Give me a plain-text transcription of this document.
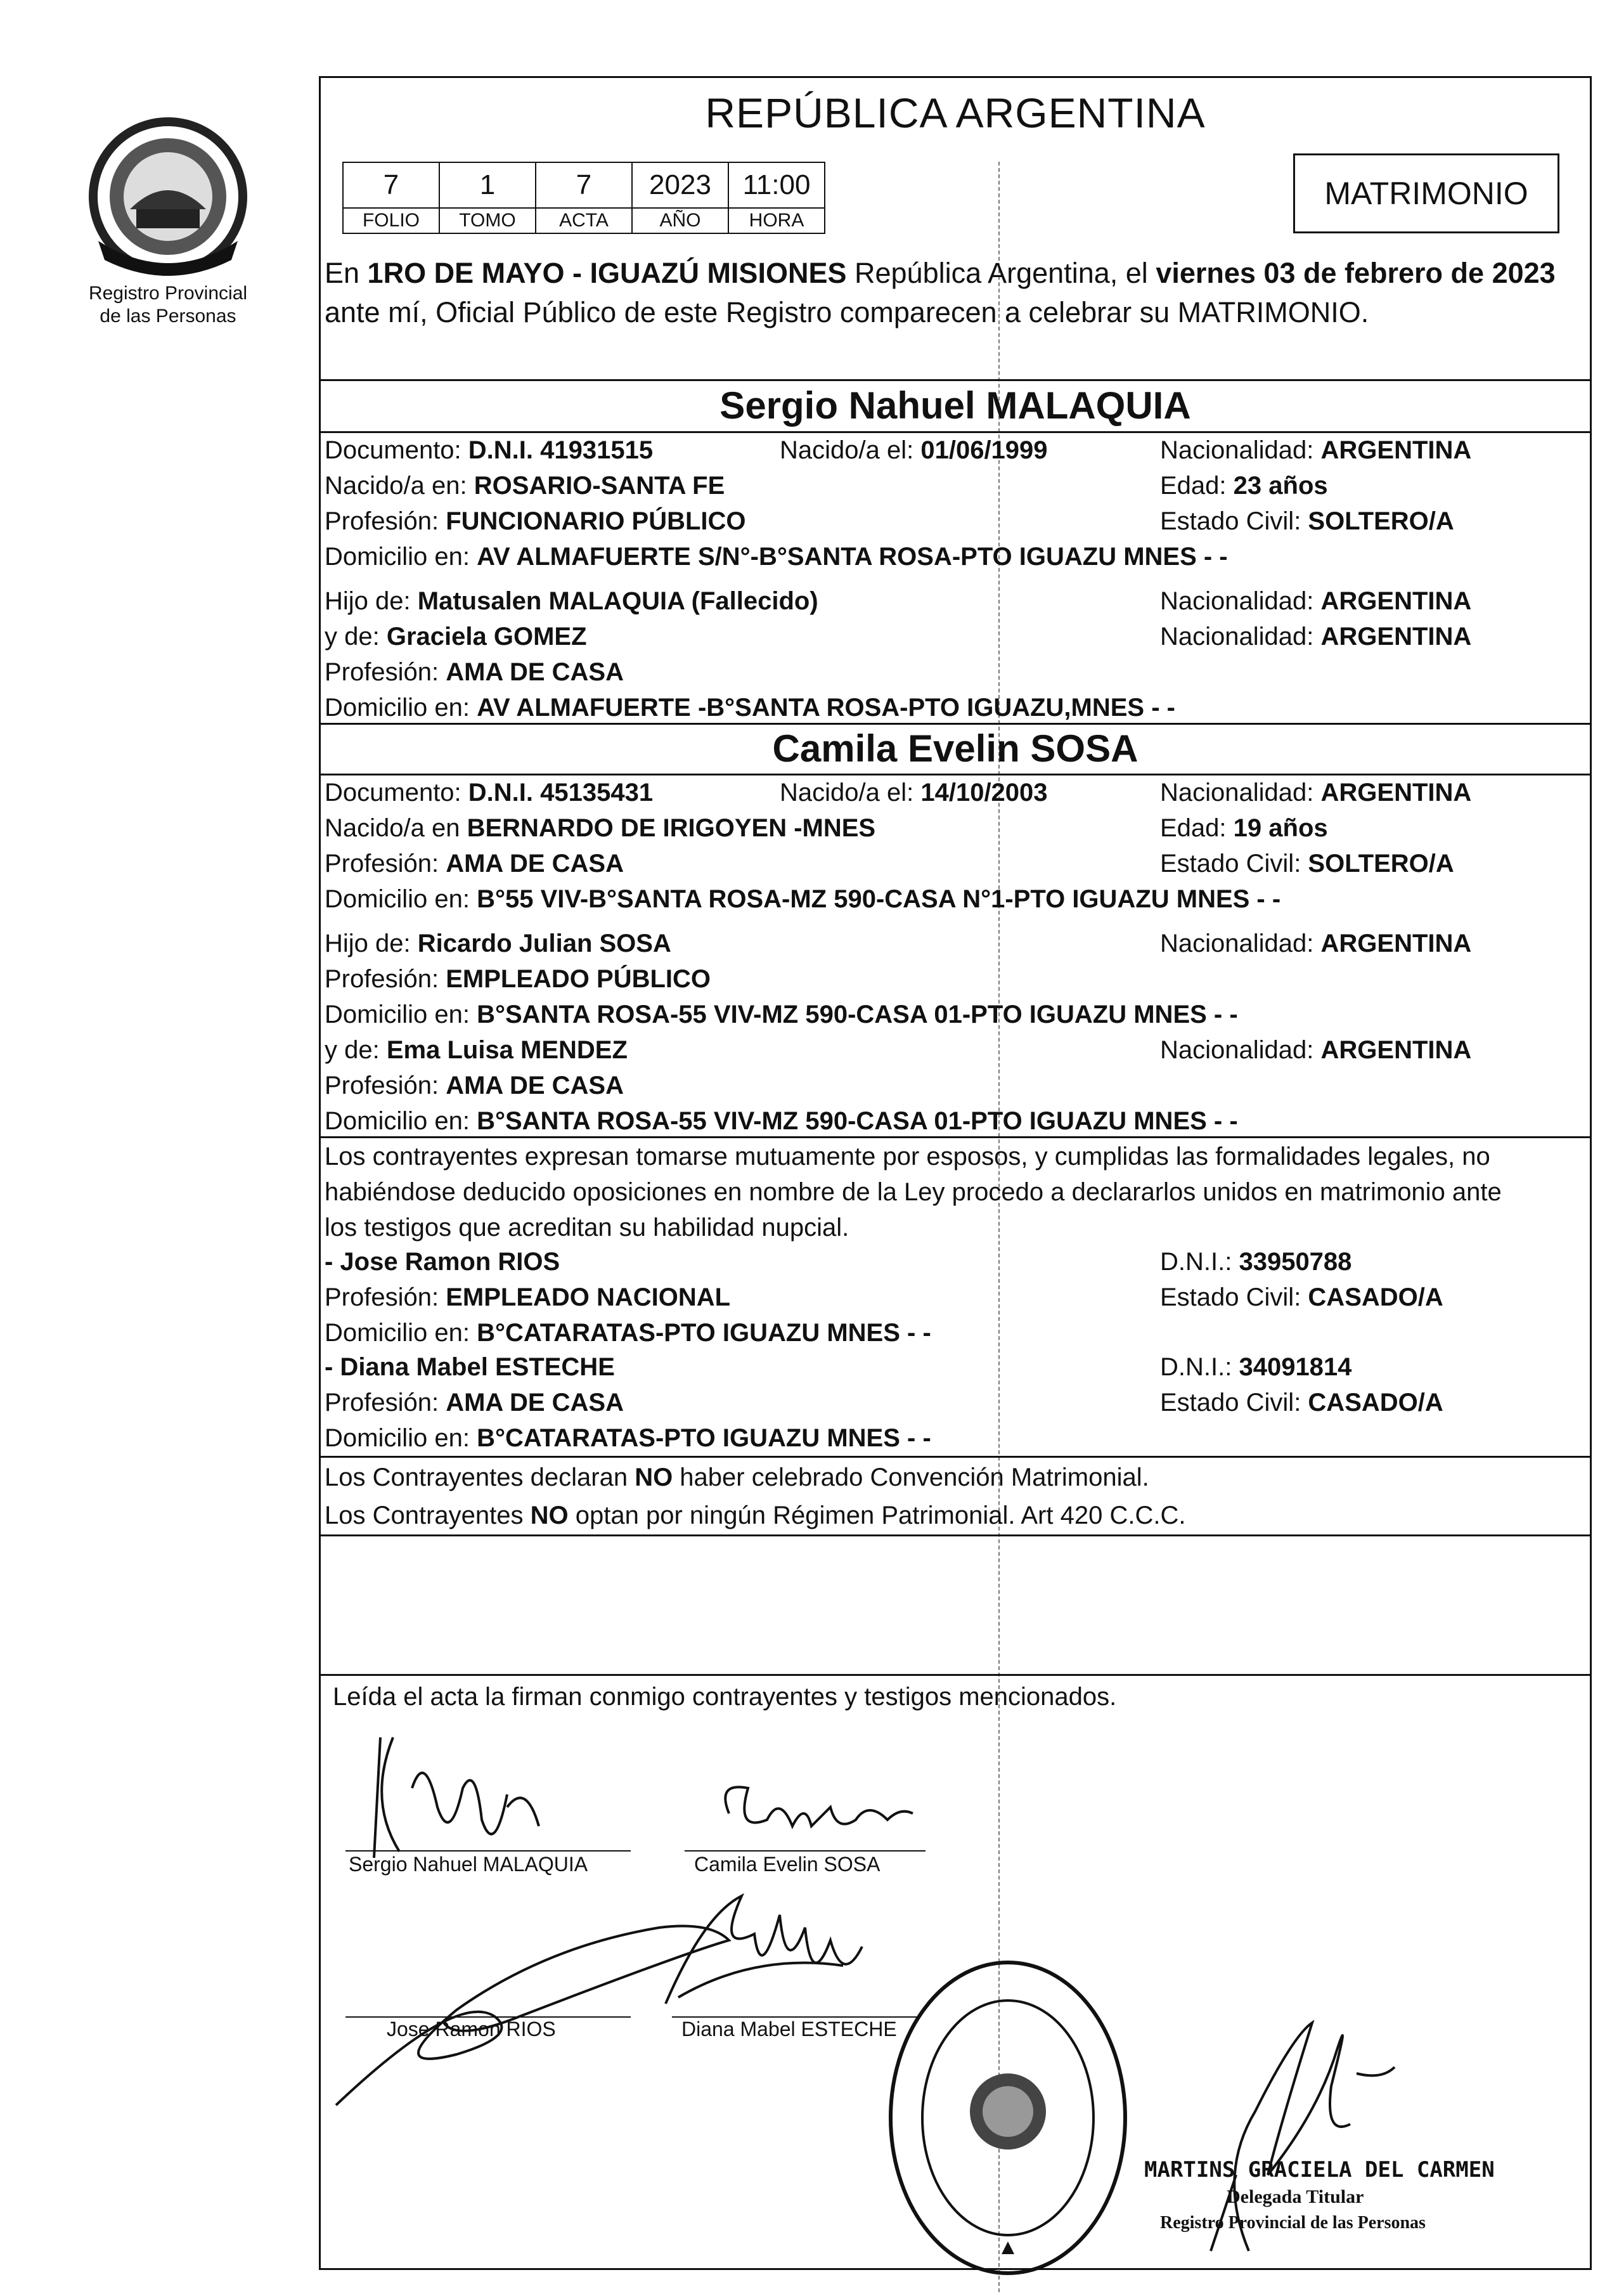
Registro Provincial
de las Personas
REPÚBLICA ARGENTINA
7	1	7	2023	11:00
FOLIO	TOMO	ACTA	AÑO	HORA
MATRIMONIO
En 1RO DE MAYO - IGUAZÚ MISIONES República Argentina, el viernes 03 de febrero de 2023 ante mí, Oficial Público de este Registro comparecen a celebrar su MATRIMONIO.
Sergio Nahuel MALAQUIA
Documento: D.N.I. 41931515	Nacido/a el: 01/06/1999	Nacionalidad: ARGENTINA
Nacido/a en: ROSARIO-SANTA FE	Edad: 23 años
Profesión: FUNCIONARIO PÚBLICO	Estado Civil: SOLTERO/A
Domicilio en: AV ALMAFUERTE S/N°-B°SANTA ROSA-PTO IGUAZU MNES - -
Hijo de: Matusalen MALAQUIA (Fallecido)	Nacionalidad: ARGENTINA
y de: Graciela GOMEZ	Nacionalidad: ARGENTINA
Profesión: AMA DE CASA
Domicilio en: AV ALMAFUERTE -B°SANTA ROSA-PTO IGUAZU,MNES - -
Camila Evelin SOSA
Documento: D.N.I. 45135431	Nacido/a el: 14/10/2003	Nacionalidad: ARGENTINA
Nacido/a en BERNARDO DE IRIGOYEN -MNES	Edad: 19 años
Profesión: AMA DE CASA	Estado Civil: SOLTERO/A
Domicilio en: B°55 VIV-B°SANTA ROSA-MZ 590-CASA N°1-PTO IGUAZU MNES - -
Hijo de: Ricardo Julian SOSA	Nacionalidad: ARGENTINA
Profesión: EMPLEADO PÚBLICO
Domicilio en: B°SANTA ROSA-55 VIV-MZ 590-CASA 01-PTO IGUAZU MNES - -
y de: Ema Luisa MENDEZ	Nacionalidad: ARGENTINA
Profesión: AMA DE CASA
Domicilio en: B°SANTA ROSA-55 VIV-MZ 590-CASA 01-PTO IGUAZU MNES - -
Los contrayentes expresan tomarse mutuamente por esposos, y cumplidas las formalidades legales, no
habiéndose deducido oposiciones en nombre de la Ley procedo a declararlos unidos en matrimonio ante
los testigos que acreditan su habilidad nupcial.
- Jose Ramon RIOS	D.N.I.: 33950788
Profesión: EMPLEADO NACIONAL	Estado Civil: CASADO/A
Domicilio en: B°CATARATAS-PTO IGUAZU MNES - -
- Diana Mabel ESTECHE	D.N.I.: 34091814
Profesión: AMA DE CASA	Estado Civil: CASADO/A
Domicilio en: B°CATARATAS-PTO IGUAZU MNES - -
Los Contrayentes declaran NO haber celebrado Convención Matrimonial.
Los Contrayentes NO optan por ningún Régimen Patrimonial. Art 420 C.C.C.
Leída el acta la firman conmigo contrayentes y testigos mencionados.
Sergio Nahuel MALAQUIA	Camila Evelin SOSA
Jose Ramon RIOS	Diana Mabel ESTECHE
MARTINS GRACIELA DEL CARMEN
Delegada Titular
Registro Provincial de las Personas
